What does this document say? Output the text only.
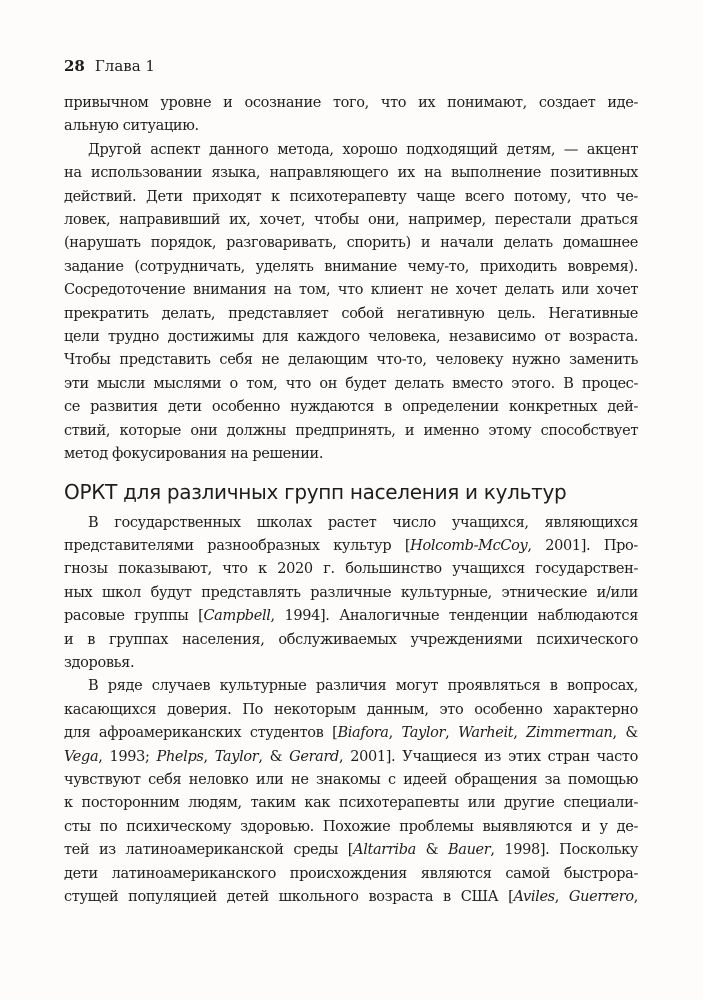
28 Глава 1

привычном уровне и осознание того, что их понимают, создает иде-
альную ситуацию.

Другой аспект данного метода, хорошо подходящий детям, — акцент
на использовании языка, направляющего их на выполнение позитивных
действий. Дети приходят к психотерапевту чаще всего потому, что че-
ловек, направивший их, хочет, чтобы они, например, перестали драться
(нарушать порядок, разговаривать, спорить) и начали делать домашнее
задание (сотрудничать, уделять внимание чему-то, приходить вовремя).
Сосредоточение внимания на том, что клиент не хочет делать или хочет
прекратить делать, представляет собой негативную цель. Негативные
цели трудно достижимы для каждого человека, независимо от возраста.
Чтобы представить себя не делающим что-то, человеку нужно заменить
эти мысли мыслями о том, что он будет делать вместо этого. В процес-
се развития дети особенно нуждаются в определении конкретных дей-
ствий, которые они должны предпринять, и именно этому способствует
метод фокусирования на решении.

ОРКТ для различных групп населения и культур

В государственных школах растет число учащихся, являющихся
представителями разнообразных культур [Holcomb-McCoy, 2001]. Про-
гнозы показывают, что к 2020 г. большинство учащихся государствен-
ных школ будут представлять различные культурные, этнические и/или
расовые группы [Campbell, 1994]. Аналогичные тенденции наблюдаются
и в группах населения, обслуживаемых учреждениями психического
здоровья.

В ряде случаев культурные различия могут проявляться в вопросах,
касающихся доверия. По некоторым данным, это особенно характерно
для афроамериканских студентов [Biafora, Taylor, Warheit, Zimmerman, &
Vega, 1993; Phelps, Taylor, & Gerard, 2001]. Учащиеся из этих стран часто
чувствуют себя неловко или не знакомы с идеей обращения за помощью
к посторонним людям, таким как психотерапевты или другие специали-
сты по психическому здоровью. Похожие проблемы выявляются и у де-
тей из латиноамериканской среды [Altarriba & Bauer, 1998]. Поскольку
дети латиноамериканского происхождения являются самой быстрора-
стущей популяцией детей школьного возраста в США [Aviles, Guerrero,
